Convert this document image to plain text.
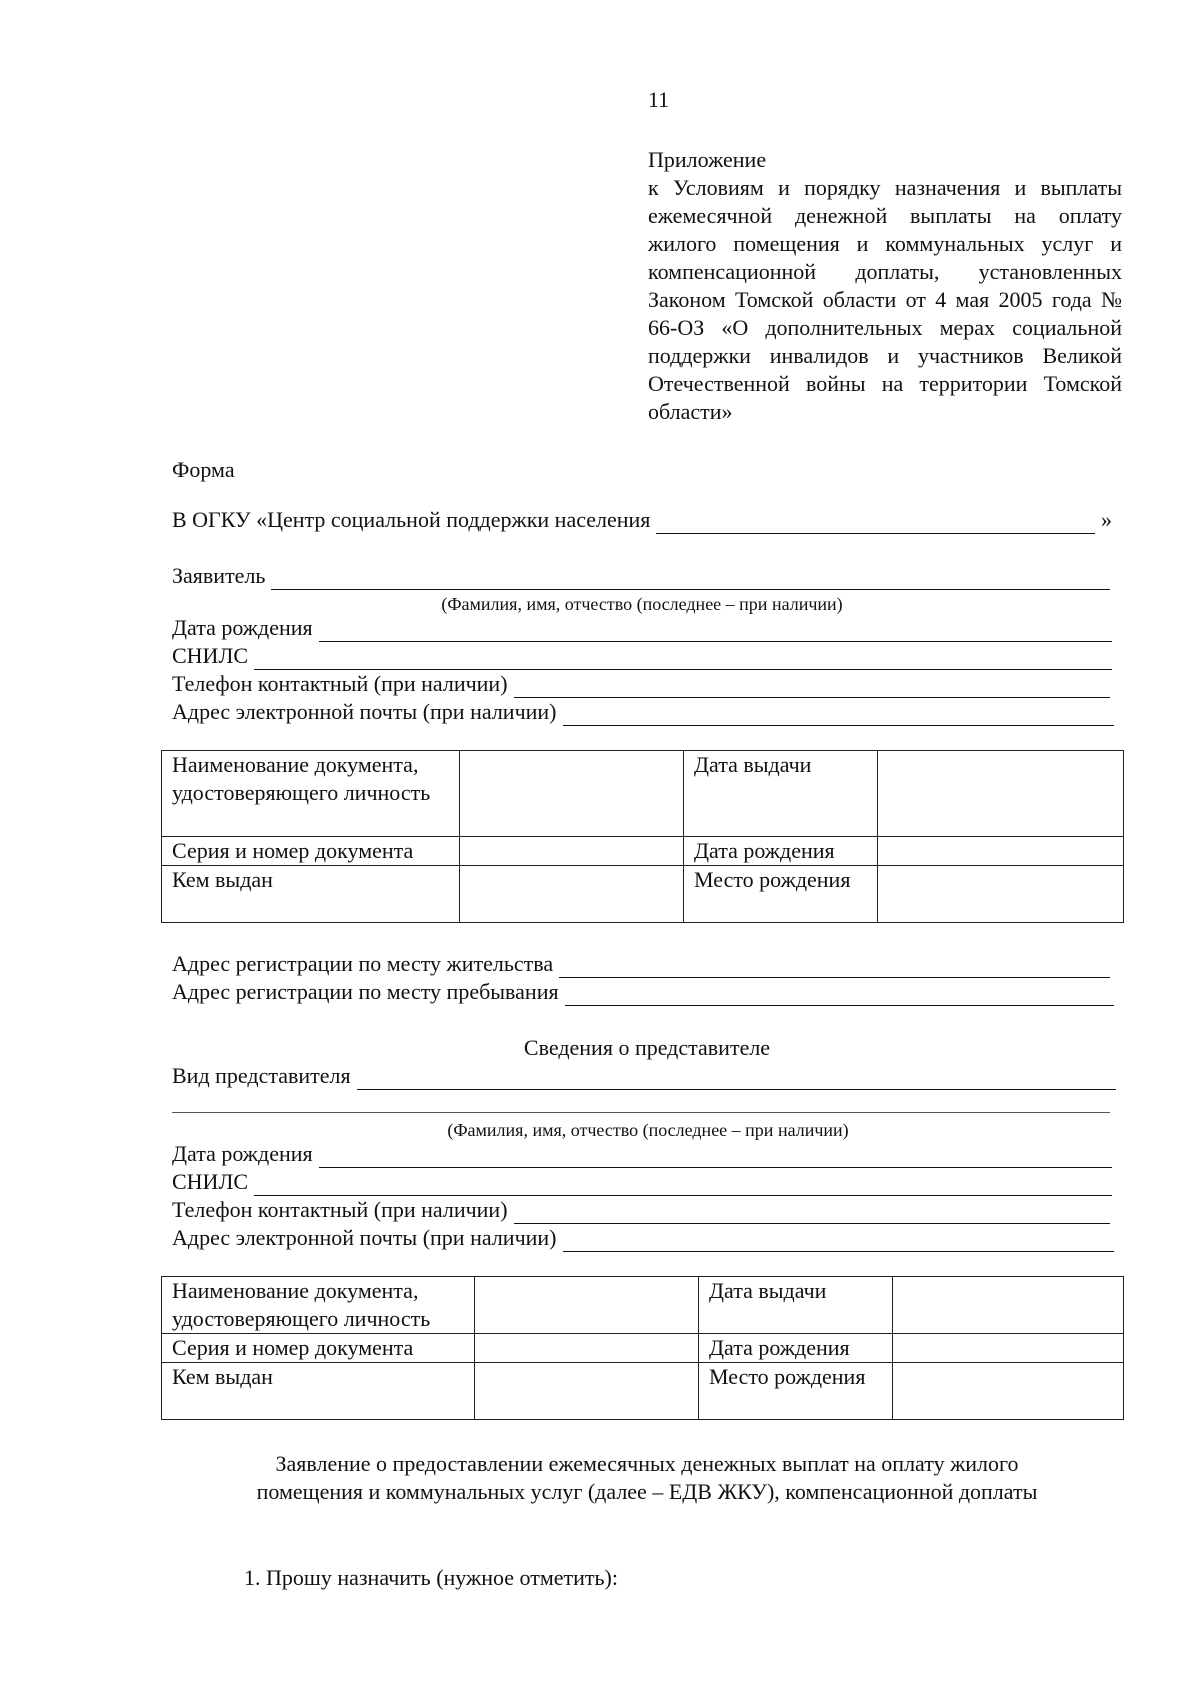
11
Приложение
к Условиям и порядку назначения и выплаты ежемесячной денежной выплаты на оплату жилого помещения и коммунальных услуг и компенсационной доплаты, установленных Законом Томской области от 4 мая 2005 года № 66-ОЗ «О дополнительных мерах социальной поддержки инвалидов и участников Великой Отечественной войны на территории Томской области»
Форма
В ОГКУ «Центр социальной поддержки населения	»
Заявитель
(Фамилия, имя, отчество (последнее – при наличии)
Дата рождения
СНИЛС
Телефон контактный (при наличии)
Адрес электронной почты (при наличии)
Наименование документа, удостоверяющего личность		Дата выдачи	
Серия и номер документа		Дата рождения	
Кем выдан		Место рождения	
Адрес регистрации по месту жительства
Адрес регистрации по месту пребывания
Сведения о представителе
Вид представителя
(Фамилия, имя, отчество (последнее – при наличии)
Дата рождения
СНИЛС
Телефон контактный (при наличии)
Адрес электронной почты (при наличии)
Наименование документа, удостоверяющего личность		Дата выдачи	
Серия и номер документа		Дата рождения	
Кем выдан		Место рождения	
Заявление о предоставлении ежемесячных денежных выплат на оплату жилого помещения и коммунальных услуг (далее – ЕДВ ЖКУ), компенсационной доплаты
1. Прошу назначить (нужное отметить):
